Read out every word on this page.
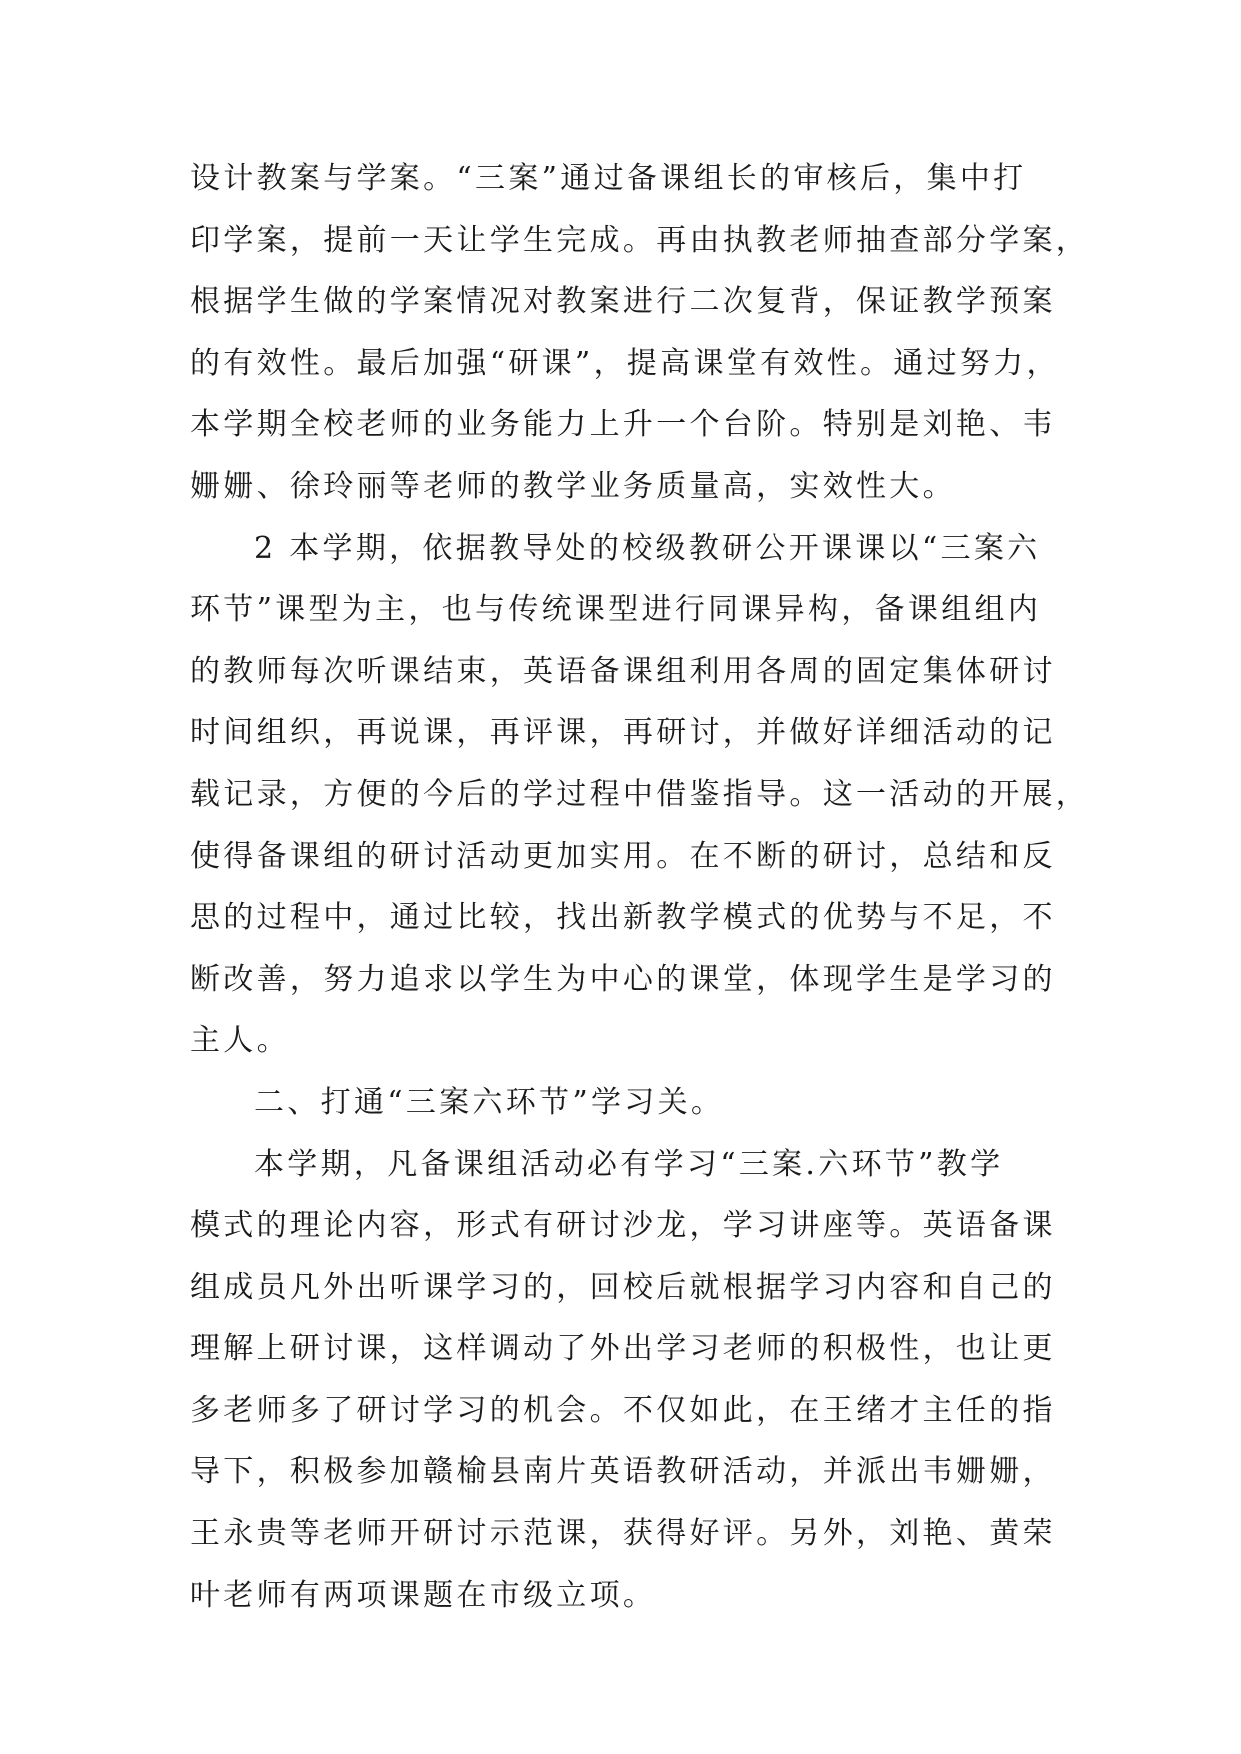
设计教案与学案。“三案”通过备课组长的审核后，集中打
印学案，提前一天让学生完成。再由执教老师抽查部分学案，
根据学生做的学案情况对教案进行二次复背，保证教学预案
的有效性。最后加强“研课”，提高课堂有效性。通过努力，
本学期全校老师的业务能力上升一个台阶。特别是刘艳、韦
姗姗、徐玲丽等老师的教学业务质量高，实效性大。
2 本学期，依据教导处的校级教研公开课课以“三案六
环节”课型为主，也与传统课型进行同课异构，备课组组内
的教师每次听课结束，英语备课组利用各周的固定集体研讨
时间组织，再说课，再评课，再研讨，并做好详细活动的记
载记录，方便的今后的学过程中借鉴指导。这一活动的开展，
使得备课组的研讨活动更加实用。在不断的研讨，总结和反
思的过程中，通过比较，找出新教学模式的优势与不足，不
断改善，努力追求以学生为中心的课堂，体现学生是学习的
主人。
二、打通“三案六环节”学习关。
本学期，凡备课组活动必有学习“三案.六环节”教学
模式的理论内容，形式有研讨沙龙，学习讲座等。英语备课
组成员凡外出听课学习的，回校后就根据学习内容和自己的
理解上研讨课，这样调动了外出学习老师的积极性，也让更
多老师多了研讨学习的机会。不仅如此，在王绪才主任的指
导下，积极参加赣榆县南片英语教研活动，并派出韦姗姗，
王永贵等老师开研讨示范课，获得好评。另外，刘艳、黄荣
叶老师有两项课题在市级立项。
